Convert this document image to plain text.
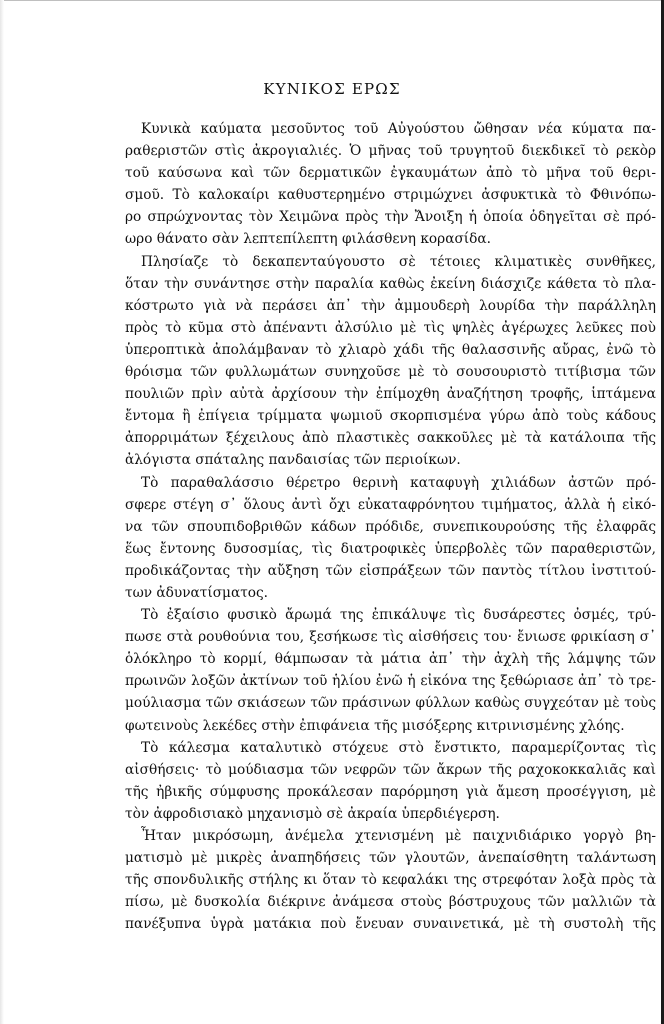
ΚΥΝΙΚΟΣ ΕΡΩΣ
Κυνικὰ καύματα μεσοῦντος τοῦ Αὐγούστου ὤθησαν νέα κύματα πα-
ραθεριστῶν στὶς ἀκρογιαλιές. Ὁ μῆνας τοῦ τρυγητοῦ διεκδικεῖ τὸ ρεκὸρ
τοῦ καύσωνα καὶ τῶν δερματικῶν ἐγκαυμάτων ἀπὸ τὸ μῆνα τοῦ θερι-
σμοῦ. Τὸ καλοκαίρι καθυστερημένο στριμώχνει ἀσφυκτικὰ τὸ Φθινόπω-
ρο σπρώχνοντας τὸν Χειμῶνα πρὸς τὴν Ἄνοιξη ἡ ὁποία ὁδηγεῖται σὲ πρό-
ωρο θάνατο σὰν λεπτεπίλεπτη φιλάσθενη κορασίδα.
Πλησίαζε τὸ δεκαπενταύγουστο σὲ τέτοιες κλιματικὲς συνθῆκες,
ὅταν τὴν συνάντησε στὴν παραλία καθὼς ἐκείνη διάσχιζε κάθετα τὸ πλα-
κόστρωτο γιὰ νὰ περάσει ἀπ᾽ τὴν ἀμμουδερὴ λουρίδα τὴν παράλληλη
πρὸς τὸ κῦμα στὸ ἀπέναντι ἀλσύλιο μὲ τὶς ψηλὲς ἀγέρωχες λεῦκες ποὺ
ὑπεροπτικὰ ἀπολάμβαναν τὸ χλιαρὸ χάδι τῆς θαλασσινῆς αὔρας, ἐνῶ τὸ
θρόισμα τῶν φυλλωμάτων συνηχοῦσε μὲ τὸ σουσουριστὸ τιτίβισμα τῶν
πουλιῶν πρὶν αὐτὰ ἀρχίσουν τὴν ἐπίμοχθη ἀναζήτηση τροφῆς, ἱπτάμενα
ἔντομα ἢ ἐπίγεια τρίμματα ψωμιοῦ σκορπισμένα γύρω ἀπὸ τοὺς κάδους
ἀπορριμάτων ξέχειλους ἀπὸ πλαστικὲς σακκοῦλες μὲ τὰ κατάλοιπα τῆς
ἀλόγιστα σπάταλης πανδαισίας τῶν περιοίκων.
Τὸ παραθαλάσσιο θέρετρο θερινὴ καταφυγὴ χιλιάδων ἀστῶν πρό-
σφερε στέγη σ᾽ ὅλους ἀντὶ ὄχι εὐκαταφρόνητου τιμήματος, ἀλλὰ ἡ εἰκό-
να τῶν σπουπιδοβριθῶν κάδων πρόδιδε, συνεπικουρούσης τῆς ἐλαφρᾶς
ἕως ἔντονης δυσοσμίας, τὶς διατροφικὲς ὑπερβολὲς τῶν παραθεριστῶν,
προδικάζοντας τὴν αὔξηση τῶν εἰσπράξεων τῶν παντὸς τίτλου ἰνστιτού-
των ἀδυνατίσματος.
Τὸ ἐξαίσιο φυσικὸ ἄρωμά της ἐπικάλυψε τὶς δυσάρεστες ὀσμές, τρύ-
πωσε στὰ ρουθούνια του, ξεσήκωσε τὶς αἰσθήσεις του· ἔνιωσε φρικίαση σ᾽
ὁλόκληρο τὸ κορμί, θάμπωσαν τὰ μάτια ἀπ᾽ τὴν ἀχλὴ τῆς λάμψης τῶν
πρωινῶν λοξῶν ἀκτίνων τοῦ ἡλίου ἐνῶ ἡ εἰκόνα της ξεθώριασε ἀπ᾽ τὸ τρε-
μούλιασμα τῶν σκιάσεων τῶν πράσινων φύλλων καθὼς συγχεόταν μὲ τοὺς
φωτεινοὺς λεκέδες στὴν ἐπιφάνεια τῆς μισόξερης κιτρινισμένης χλόης.
Τὸ κάλεσμα καταλυτικὸ στόχευε στὸ ἔνστικτο, παραμερίζοντας τὶς
αἰσθήσεις· τὸ μούδιασμα τῶν νεφρῶν τῶν ἄκρων τῆς ραχοκοκκαλιᾶς καὶ
τῆς ἠβικῆς σύμφυσης προκάλεσαν παρόρμηση γιὰ ἄμεση προσέγγιση, μὲ
τὸν ἀφροδισιακὸ μηχανισμὸ σὲ ἀκραία ὑπερδιέγερση.
Ἦταν μικρόσωμη, ἀνέμελα χτενισμένη μὲ παιχνιδιάρικο γοργὸ βη-
ματισμὸ μὲ μικρὲς ἀναπηδήσεις τῶν γλουτῶν, ἀνεπαίσθητη ταλάντωση
τῆς σπονδυλικῆς στήλης κι ὅταν τὸ κεφαλάκι της στρεφόταν λοξὰ πρὸς τὰ
πίσω, μὲ δυσκολία διέκρινε ἀνάμεσα στοὺς βόστρυχους τῶν μαλλιῶν τὰ
πανέξυπνα ὑγρὰ ματάκια ποὺ ἔνευαν συναινετικά, μὲ τὴ συστολὴ τῆς
